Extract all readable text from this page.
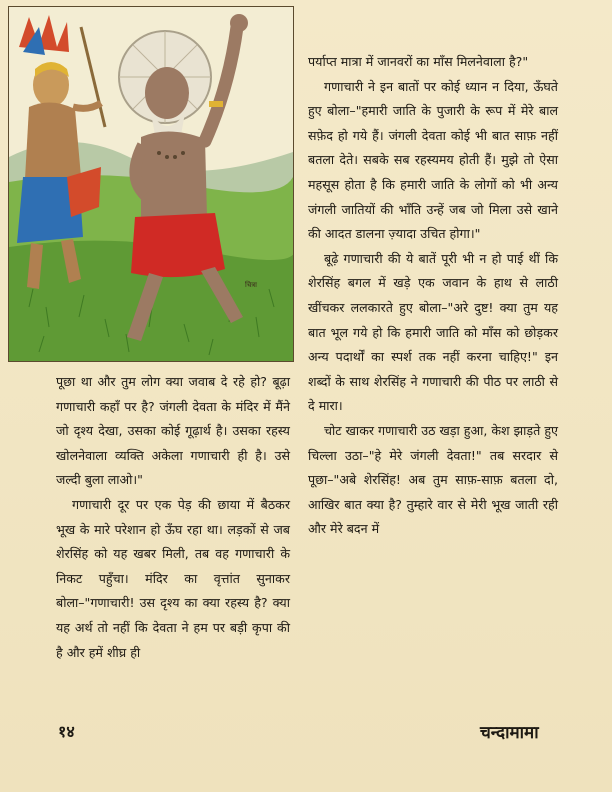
चित्रा

पर्याप्त मात्रा में जानवरों का माँस मिलनेवाला है?"

गणाचारी ने इन बातों पर कोई ध्यान न दिया, ऊँघते हुए बोला–"हमारी जाति के पुजारी के रूप में मेरे बाल सफ़ेद हो गये हैं। जंगली देवता कोई भी बात साफ़ नहीं बतला देते। सबके सब रहस्यमय होती हैं। मुझे तो ऐसा महसूस होता है कि हमारी जाति के लोगों को भी अन्य जंगली जातियों की भाँति उन्हें जब जो मिला उसे खाने की आदत डालना ज़्यादा उचित होगा।"

बूढ़े गणाचारी की ये बातें पूरी भी न हो पाई थीं कि शेरसिंह बगल में खड़े एक जवान के हाथ से लाठी खींचकर ललकारते हुए बोला–"अरे दुष्ट! क्या तुम यह बात भूल गये हो कि हमारी जाति को माँस को छोड़कर अन्य पदार्थों का स्पर्श तक नहीं करना चाहिए!" इन शब्दों के साथ शेरसिंह ने गणाचारी की पीठ पर लाठी से दे मारा।

चोट खाकर गणाचारी उठ खड़ा हुआ, केश झाड़ते हुए चिल्ला उठा–"हे मेरे जंगली देवता!" तब सरदार से पूछा–"अबे शेरसिंह! अब तुम साफ़-साफ़ बतला दो, आखिर बात क्या है? तुम्हारे वार से मेरी भूख जाती रही और मेरे बदन में

पूछा था और तुम लोग क्या जवाब दे रहे हो? बूढ़ा गणाचारी कहाँ पर है? जंगली देवता के मंदिर में मैंने जो दृश्य देखा, उसका कोई गूढ़ार्थ है। उसका रहस्य खोलनेवाला व्यक्ति अकेला गणाचारी ही है। उसे जल्दी बुला लाओ।"

गणाचारी दूर पर एक पेड़ की छाया में बैठकर भूख के मारे परेशान हो ऊँघ रहा था। लड़कों से जब शेरसिंह को यह खबर मिली, तब वह गणाचारी के निकट पहुँचा। मंदिर का वृत्तांत सुनाकर बोला–"गणाचारी! उस दृश्य का क्या रहस्य है? क्या यह अर्थ तो नहीं कि देवता ने हम पर बड़ी कृपा की है और हमें शीघ्र ही

१४	चन्दामामा
